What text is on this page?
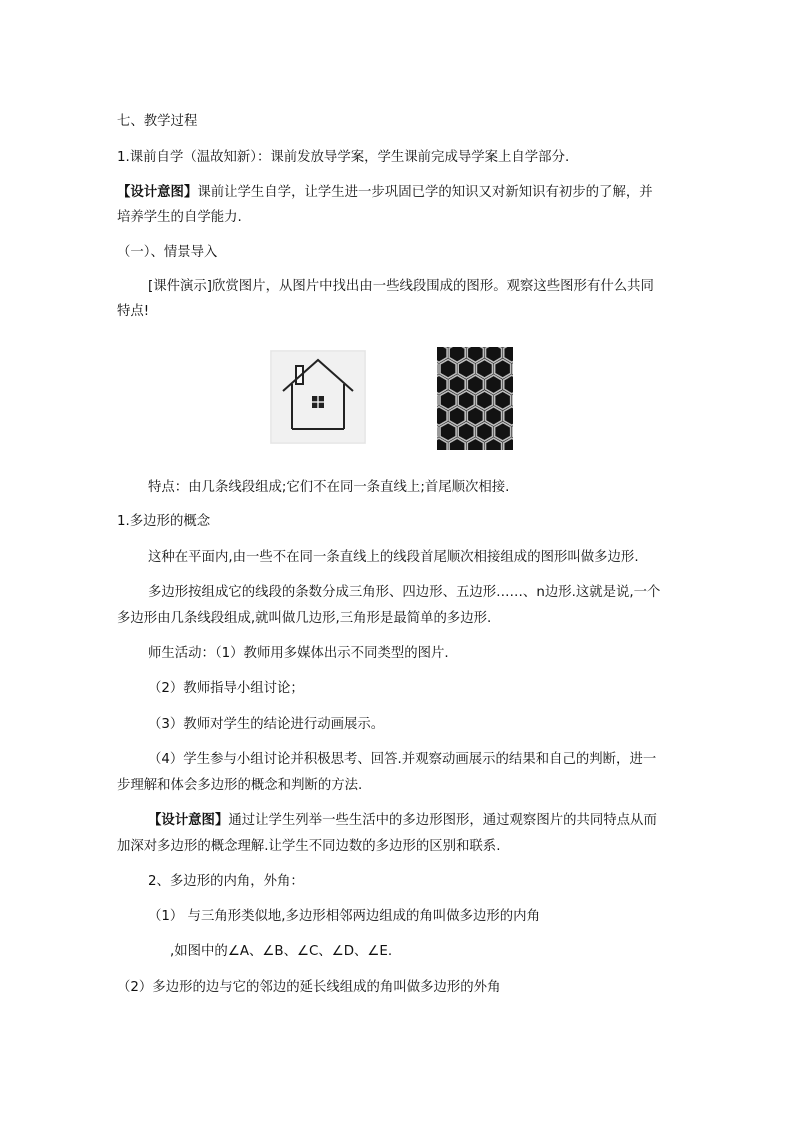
七、教学过程
1.课前自学（温故知新）：课前发放导学案，学生课前完成导学案上自学部分.
【设计意图】课前让学生自学，让学生进一步巩固已学的知识又对新知识有初步的了解，并
培养学生的自学能力.
（一）、情景导入
[课件演示]欣赏图片，从图片中找出由一些线段围成的图形。观察这些图形有什么共同
特点!
特点：由几条线段组成;它们不在同一条直线上;首尾顺次相接.
1.多边形的概念
这种在平面内,由一些不在同一条直线上的线段首尾顺次相接组成的图形叫做多边形.
多边形按组成它的线段的条数分成三角形、四边形、五边形……、n边形.这就是说,一个
多边形由几条线段组成,就叫做几边形,三角形是最简单的多边形.
师生活动：（1）教师用多媒体出示不同类型的图片.
（2）教师指导小组讨论；
（3）教师对学生的结论进行动画展示。
（4）学生参与小组讨论并积极思考、回答.并观察动画展示的结果和自己的判断，进一
步理解和体会多边形的概念和判断的方法.
【设计意图】通过让学生列举一些生活中的多边形图形，通过观察图片的共同特点从而
加深对多边形的概念理解.让学生不同边数的多边形的区别和联系.
2、多边形的内角，外角：
（1） 与三角形类似地,多边形相邻两边组成的角叫做多边形的内角
,如图中的∠A、∠B、∠C、∠D、∠E.
（2）多边形的边与它的邻边的延长线组成的角叫做多边形的外角
